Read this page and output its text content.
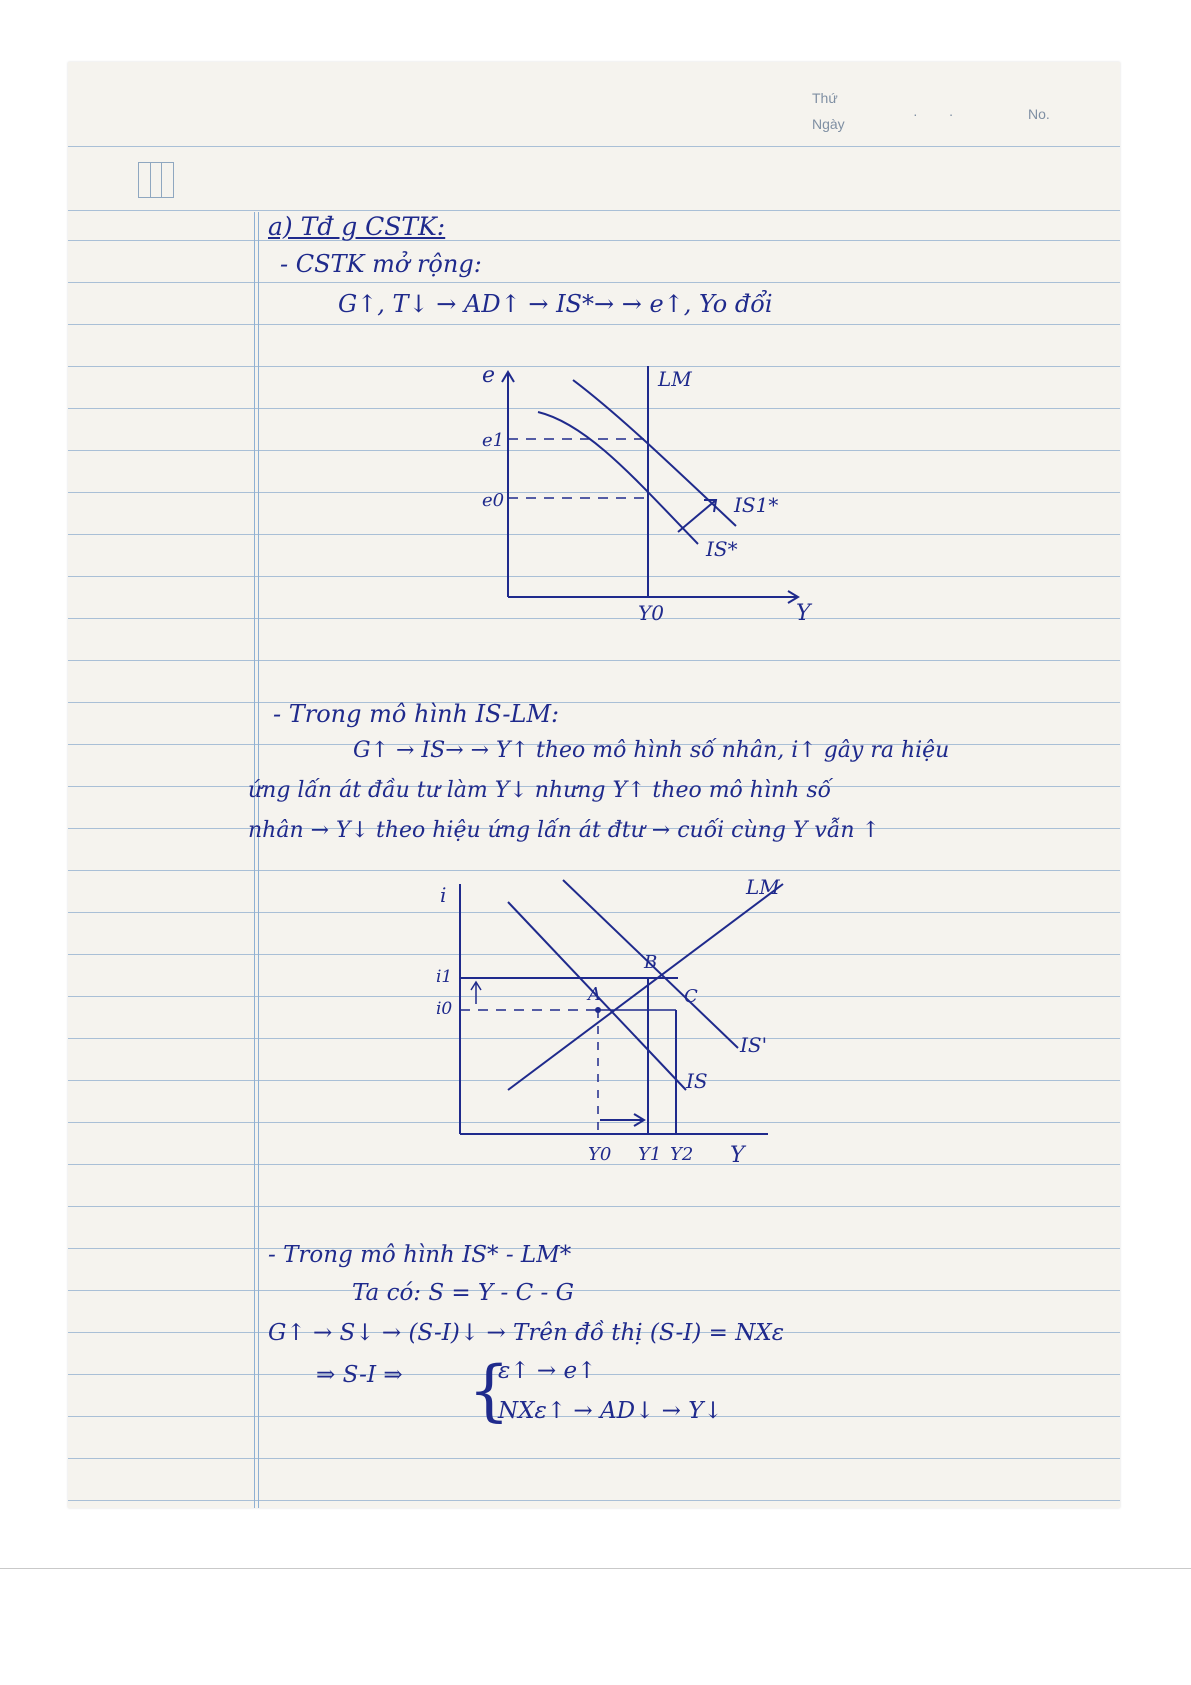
Thứ
Ngày
No.
·        ·
a) Tđ g CSTK:
- CSTK mở rộng:
G↑, T↓ → AD↑ → IS*→ → e↑, Yo đổi
e
Y
LM
IS1*
IS*
e1
e0
Y0
- Trong mô hình IS-LM:
G↑ → IS→ → Y↑ theo mô hình số nhân, i↑ gây ra hiệu
ứng lấn át đầu tư làm Y↓ nhưng Y↑ theo mô hình số
nhân → Y↓ theo hiệu ứng lấn át đtư → cuối cùng Y vẫn ↑
i
Y
LM
IS'
IS
i1
i0
Y0 Y1 Y2
A
B
C
- Trong mô hình IS* - LM*
Ta có: S = Y - C - G
G↑ → S↓ → (S-I)↓ → Trên đồ thị (S-I) = NXε
⇒ S-I ⇒ {
ε↑ → e↑
NXε↑ → AD↓ → Y↓
